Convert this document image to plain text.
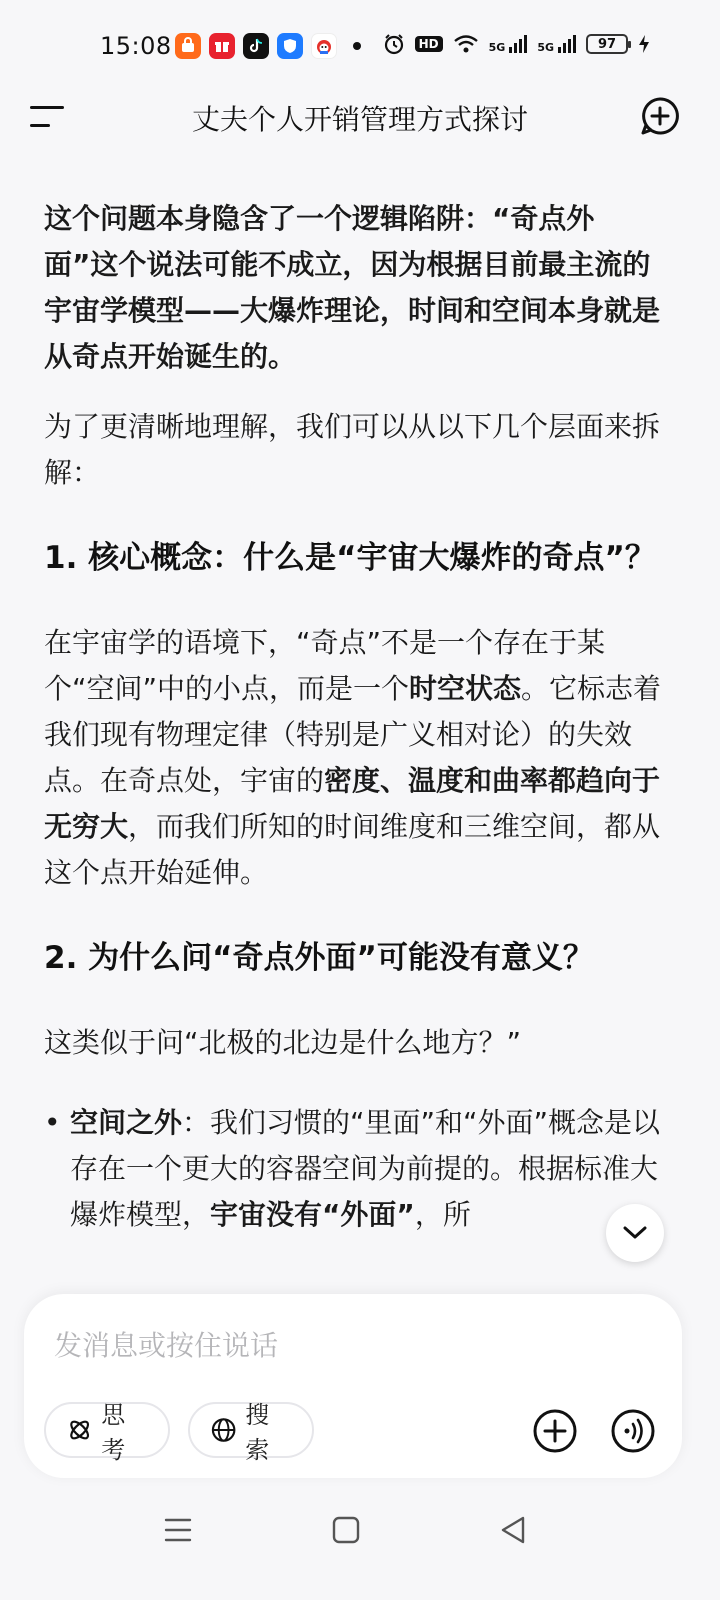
15:08	HD	5G	5G	97
丈夫个人开销管理方式探讨

这个问题本身隐含了一个逻辑陷阱：“奇点外面”这个说法可能不成立，因为根据目前最主流的宇宙学模型——大爆炸理论，时间和空间本身就是从奇点开始诞生的。

为了更清晰地理解，我们可以从以下几个层面来拆解：

1. 核心概念：什么是“宇宙大爆炸的奇点”？

在宇宙学的语境下，“奇点”不是一个存在于某个“空间”中的小点，而是一个时空状态。它标志着我们现有物理定律（特别是广义相对论）的失效点。在奇点处，宇宙的密度、温度和曲率都趋向于无穷大，而我们所知的时间维度和三维空间，都从这个点开始延伸。

2. 为什么问“奇点外面”可能没有意义？

这类似于问“北极的北边是什么地方？”

• 空间之外：我们习惯的“里面”和“外面”概念是以存在一个更大的容器空间为前提的。根据标准大爆炸模型，宇宙没有“外面”，所
发消息或按住说话
思考
搜索
